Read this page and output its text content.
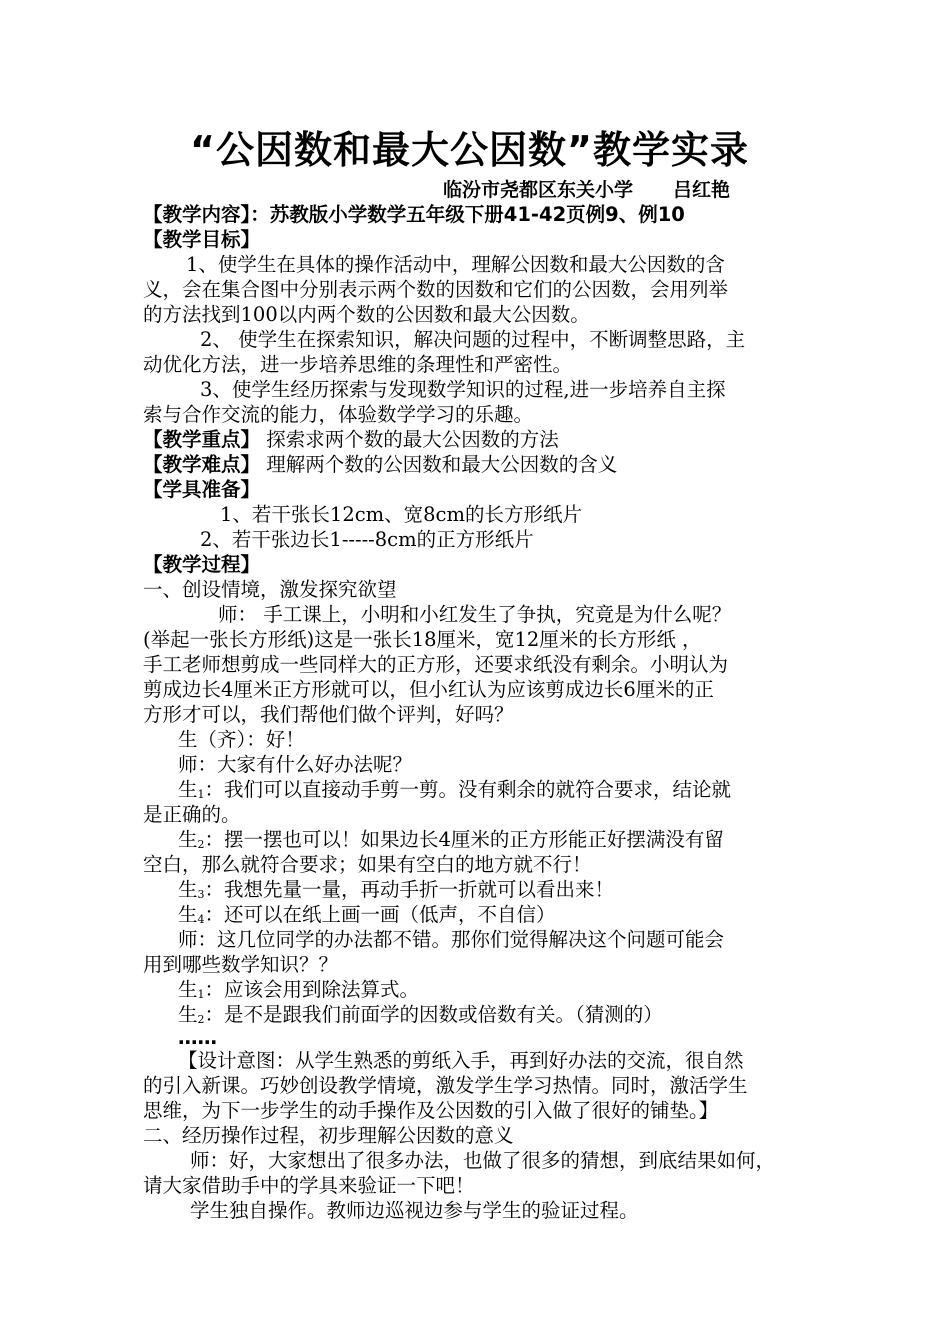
“公因数和最大公因数”教学实录
临汾市尧都区东关小学 吕红艳
【教学内容】：苏教版小学数学五年级下册41-42页例9、例10
【教学目标】
1、使学生在具体的操作活动中，理解公因数和最大公因数的含
义，会在集合图中分别表示两个数的因数和它们的公因数，会用列举
的方法找到100以内两个数的公因数和最大公因数。
2、 使学生在探索知识，解决问题的过程中，不断调整思路，主
动优化方法，进一步培养思维的条理性和严密性。
3、使学生经历探索与发现数学知识的过程,进一步培养自主探
索与合作交流的能力，体验数学学习的乐趣。
【教学重点】 探索求两个数的最大公因数的方法
【教学难点】 理解两个数的公因数和最大公因数的含义
【学具准备】
1、若干张长12cm、宽8cm的长方形纸片
2、若干张边长1-----8cm的正方形纸片
【教学过程】
一、创设情境，激发探究欲望
师： 手工课上，小明和小红发生了争执，究竟是为什么呢？
(举起一张长方形纸)这是一张长18厘米，宽12厘米的长方形纸 ，
手工老师想剪成一些同样大的正方形，还要求纸没有剩余。小明认为
剪成边长4厘米正方形就可以，但小红认为应该剪成边长6厘米的正
方形才可以，我们帮他们做个评判，好吗？
生（齐）：好！
师：大家有什么好办法呢？
生$_1$：我们可以直接动手剪一剪。没有剩余的就符合要求，结论就
是正确的。
生$_2$：摆一摆也可以！如果边长4厘米的正方形能正好摆满没有留
空白，那么就符合要求；如果有空白的地方就不行！
生$_3$：我想先量一量，再动手折一折就可以看出来！
生$_4$：还可以在纸上画一画（低声，不自信）
师：这几位同学的办法都不错。那你们觉得解决这个问题可能会
用到哪些数学知识？？
生$_1$：应该会用到除法算式。
生$_2$：是不是跟我们前面学的因数或倍数有关。（猜测的）
……
【设计意图：从学生熟悉的剪纸入手，再到好办法的交流，很自然
的引入新课。巧妙创设教学情境，激发学生学习热情。同时，激活学生
思维，为下一步学生的动手操作及公因数的引入做了很好的铺垫。】
二、经历操作过程，初步理解公因数的意义
师：好，大家想出了很多办法，也做了很多的猜想，到底结果如何，
请大家借助手中的学具来验证一下吧！
学生独自操作。教师边巡视边参与学生的验证过程。
